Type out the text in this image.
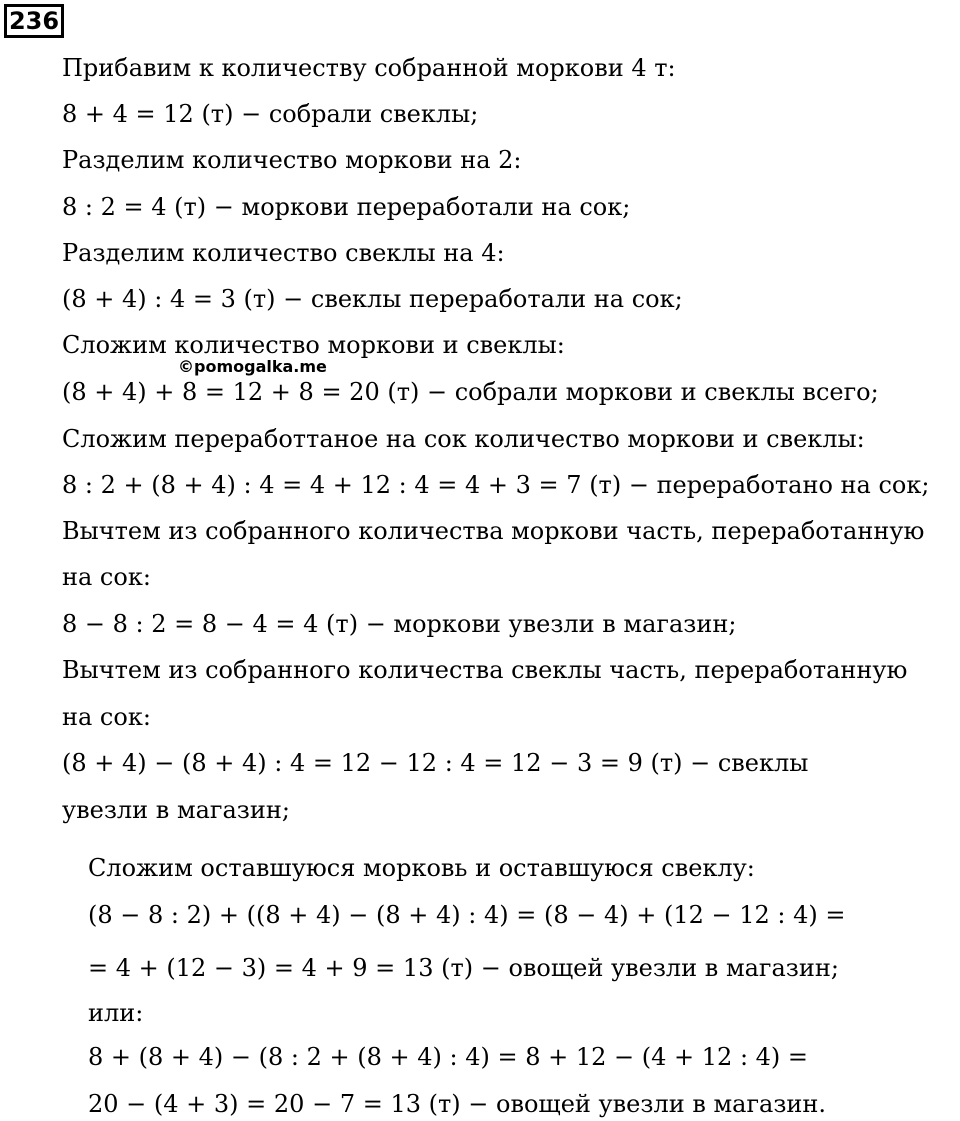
236
Прибавим к количеству собранной моркови 4 т:
8 + 4 = 12 (т) − собрали свеклы;
Разделим количество моркови на 2:
8 : 2 = 4 (т) − моркови переработали на сок;
Разделим количество свеклы на 4:
(8 + 4) : 4 = 3 (т) − свеклы переработали на сок;
Сложим количество моркови и свеклы:
(8 + 4) + 8 = 12 + 8 = 20 (т) − собрали моркови и свеклы всего;
Сложим переработтаное на сок количество моркови и свеклы:
8 : 2 + (8 + 4) : 4 = 4 + 12 : 4 = 4 + 3 = 7 (т) − переработано на сок;
Вычтем из собранного количества моркови часть, переработанную
на сок:
8 − 8 : 2 = 8 − 4 = 4 (т) − моркови увезли в магазин;
Вычтем из собранного количества свеклы часть, переработанную
на сок:
(8 + 4) − (8 + 4) : 4 = 12 − 12 : 4 = 12 − 3 = 9 (т) − свеклы
увезли в магазин;
Сложим оставшуюся морковь и оставшуюся свеклу:
(8 − 8 : 2) + ((8 + 4) − (8 + 4) : 4) = (8 − 4) + (12 − 12 : 4) =
= 4 + (12 − 3) = 4 + 9 = 13 (т) − овощей увезли в магазин;
или:
8 + (8 + 4) − (8 : 2 + (8 + 4) : 4) = 8 + 12 − (4 + 12 : 4) =
20 − (4 + 3) = 20 − 7 = 13 (т) − овощей увезли в магазин.
©pomogalka.me
